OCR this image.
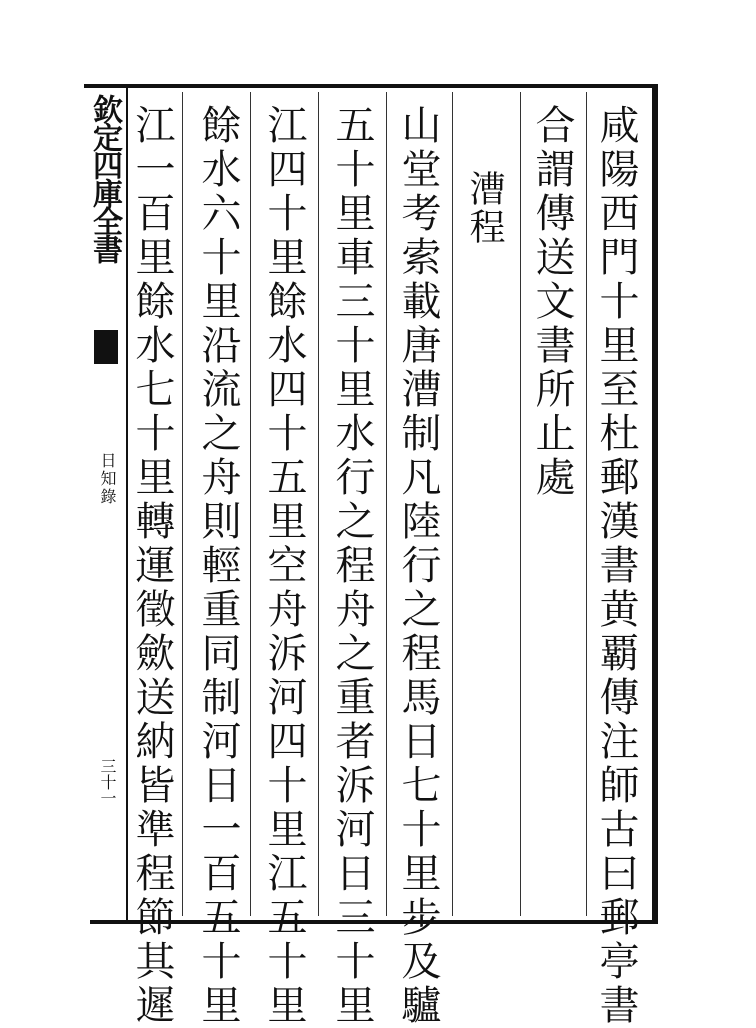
欽定四庫全書
日知錄
三十一	咸陽西門十里至杜郵漢書黄覇傳注師古曰郵亭書
合謂傳送文書所止處
漕程
山堂考索載唐漕制凡陸行之程馬日七十里步及驢
五十里車三十里水行之程舟之重者泝河日三十里
江四十里餘水四十五里空舟泝河四十里江五十里
餘水六十里沿流之舟則輕重同制河日一百五十里
江一百里餘水七十里轉運徵歛送納皆準程節其遲
